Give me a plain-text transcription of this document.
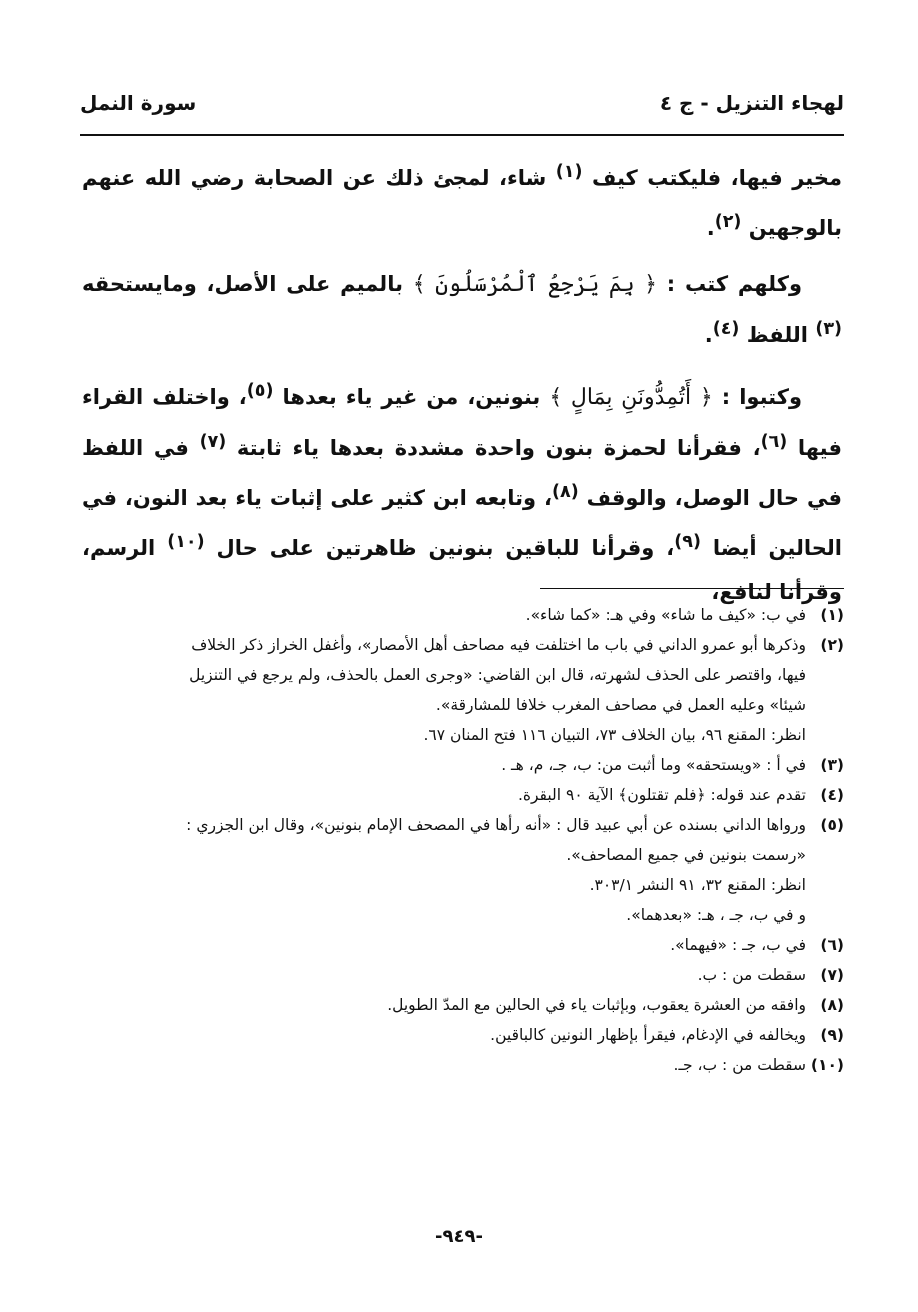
لهجاء التنزيل - ج ٤
سورة النمل

مخير فيها، فليكتب كيف $^{(١)}$ شاء، لمجئ ذلك عن الصحابة رضي الله عنهم بالوجهين $^{(٢)}$.

وكلهم كتب : ﴿ بِمَ يَرْجِعُ ٱلْمُرْسَلُونَ ﴾ بالميم على الأصل، ومايستحقه $^{(٣)}$ اللفظ $^{(٤)}$.

وكتبوا : ﴿ أَتُمِدُّونَنِ بِمَالٍ ﴾ بنونين، من غير ياء بعدها $^{(٥)}$، واختلف القراء فيها $^{(٦)}$، فقرأنا لحمزة بنون واحدة مشددة بعدها ياء ثابتة $^{(٧)}$ في اللفظ في حال الوصل، والوقف $^{(٨)}$، وتابعه ابن كثير على إثبات ياء بعد النون، في الحالين أيضا $^{(٩)}$، وقرأنا للباقين بنونين ظاهرتين على حال $^{(١٠)}$ الرسم، وقرأنا لنافع،

(١)
في ب: «كيف ما شاء» وفي هـ: «كما شاء».
(٢)
وذكرها أبو عمرو الداني في باب ما اختلفت فيه مصاحف أهل الأمصار»، وأغفل الخراز ذكر الخلاف
فيها، واقتصر على الحذف لشهرته، قال ابن القاضي: «وجرى العمل بالحذف، ولم يرجع في التنزيل
شيئا» وعليه العمل في مصاحف المغرب خلافا للمشارقة».
انظر: المقنع ٩٦، بيان الخلاف ٧٣، التبيان ١١٦ فتح المنان ٦٧.
(٣)
في أ : «ويستحقه» وما أثبت من: ب، جـ، م، هـ .
(٤)
تقدم عند قوله: ﴿فلم تقتلون﴾ الآية ٩٠ البقرة.
(٥)
ورواها الداني بسنده عن أبي عبيد قال : «أنه رأها في المصحف الإمام بنونين»، وقال ابن الجزري :
«رسمت بنونين في جميع المصاحف».
انظر: المقنع ٣٢، ٩١ النشر ٣٠٣/١.
و في ب، جـ ، هـ: «بعدهما».
(٦)
في ب، جـ : «فيهما».
(٧)
سقطت من : ب.
(٨)
وافقه من العشرة يعقوب، وبإثبات ياء في الحالين مع المدّ الطويل.
(٩)
ويخالفه في الإدغام، فيقرأ بإظهار النونين كالباقين.
(١٠)
سقطت من : ب، جـ.
-٩٤٩-
